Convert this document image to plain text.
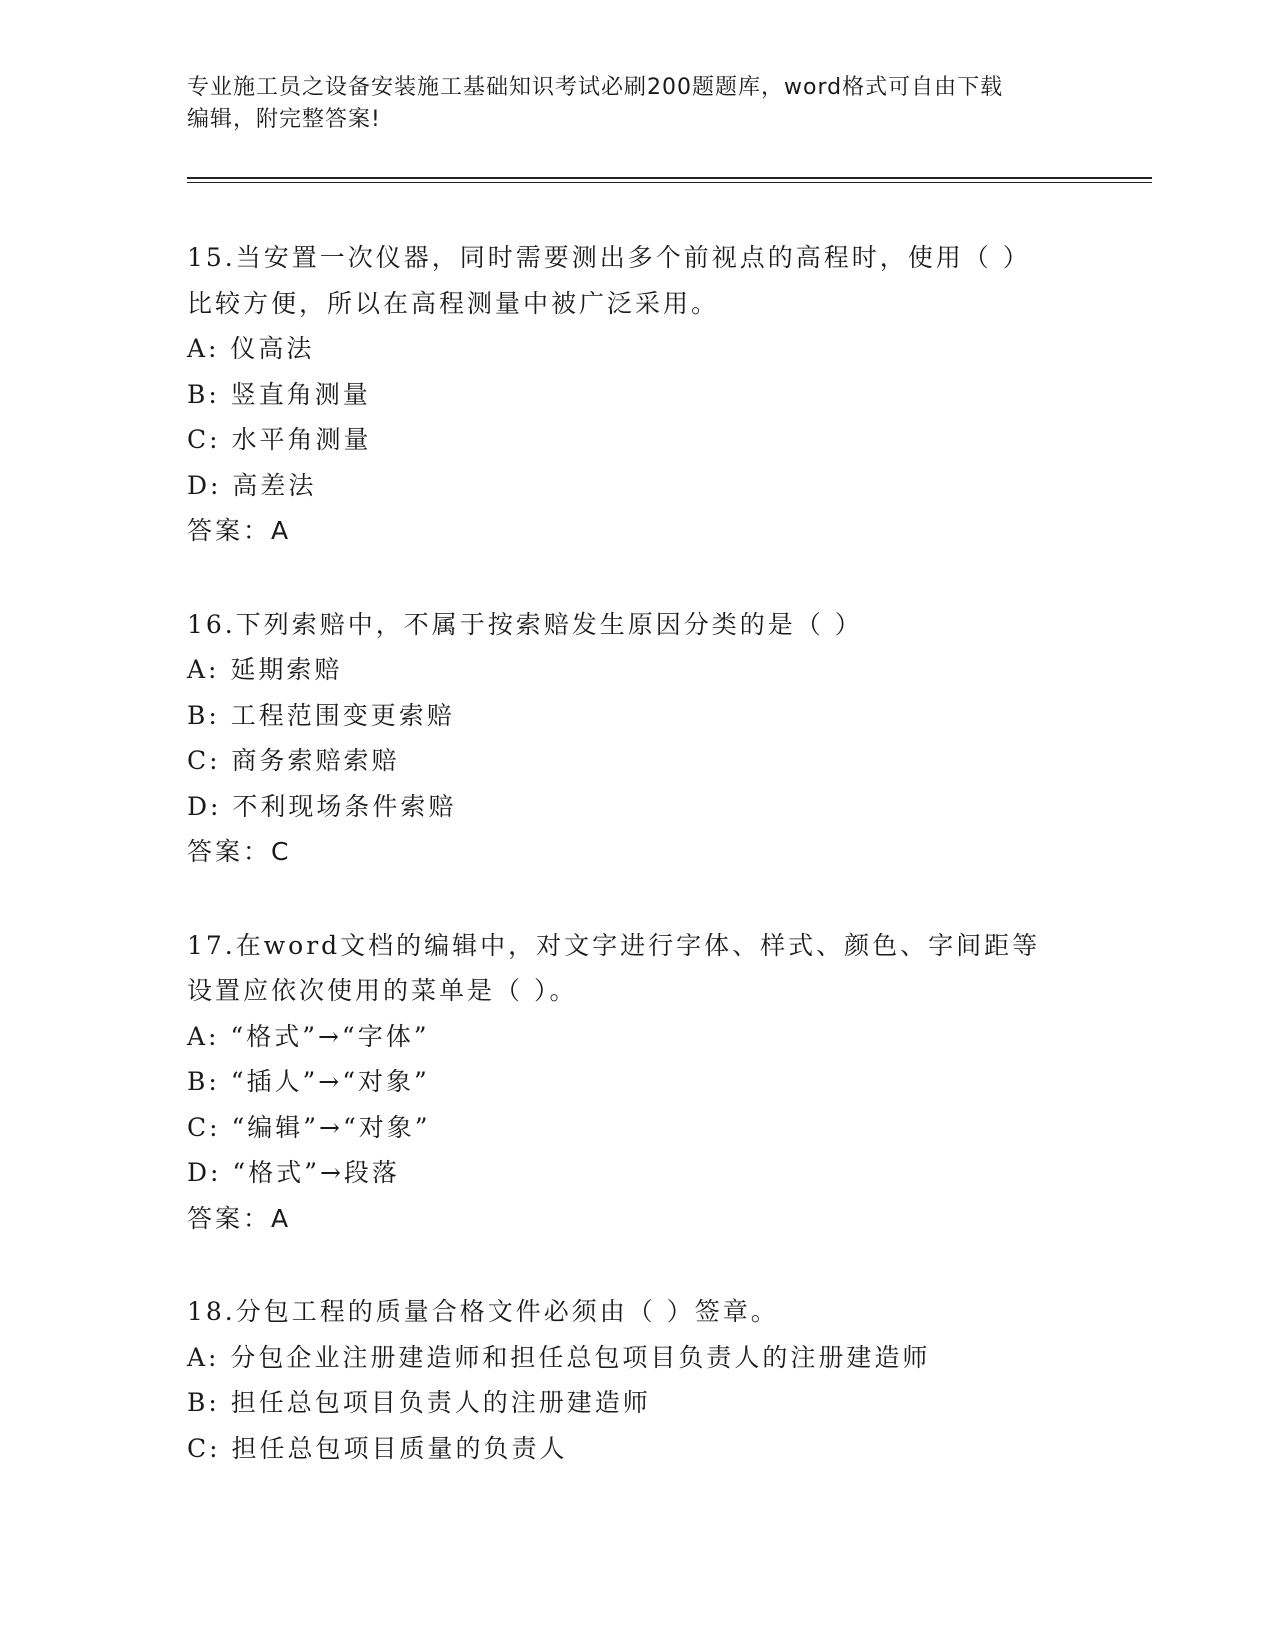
专业施工员之设备安装施工基础知识考试必刷200题题库，word格式可自由下载
编辑，附完整答案!
15.当安置一次仪器，同时需要测出多个前视点的高程时，使用（ ）
比较方便，所以在高程测量中被广泛采用。
A: 仪高法
B: 竖直角测量
C: 水平角测量
D: 高差法
答案：A
16.下列索赔中，不属于按索赔发生原因分类的是（ ）
A: 延期索赔
B: 工程范围变更索赔
C: 商务索赔索赔
D: 不利现场条件索赔
答案：C
17.在word文档的编辑中，对文字进行字体、样式、颜色、字间距等
设置应依次使用的菜单是（ ）。
A: “格式”→“字体”
B: “插人”→“对象”
C: “编辑”→“对象”
D: “格式”→段落
答案：A
18.分包工程的质量合格文件必须由（ ）签章。
A: 分包企业注册建造师和担任总包项目负责人的注册建造师
B: 担任总包项目负责人的注册建造师
C: 担任总包项目质量的负责人
